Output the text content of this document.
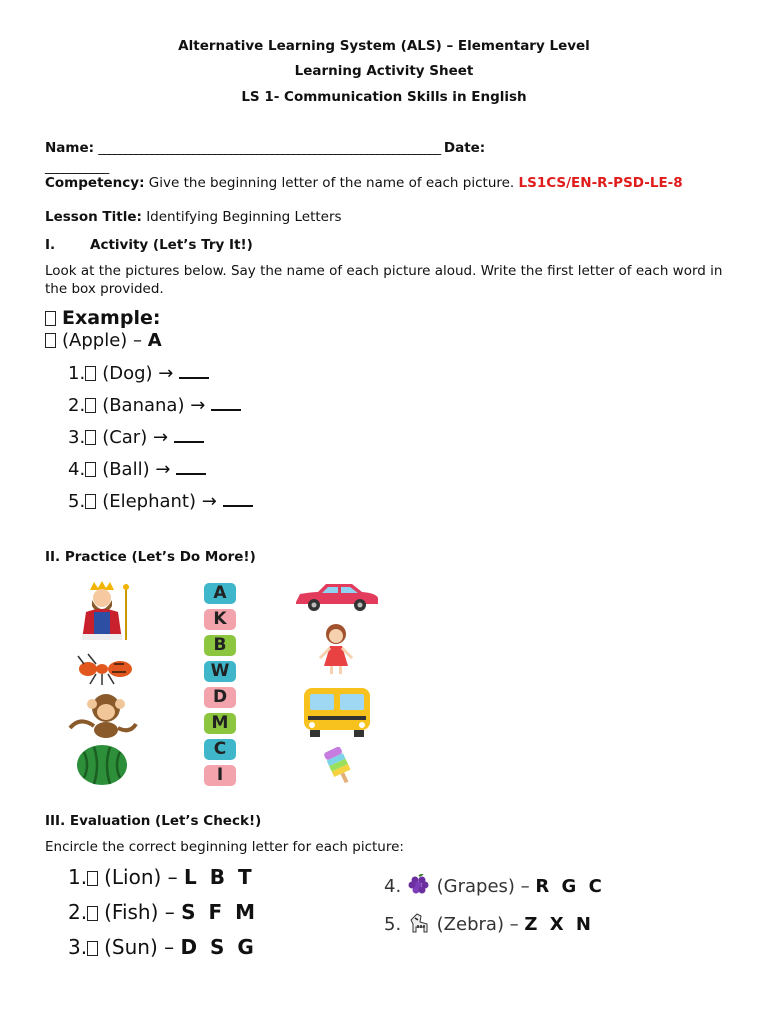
Alternative Learning System (ALS) – Elementary Level
Learning Activity Sheet
LS 1- Communication Skills in English
Name: _________________________________________________________________ Date:
___________
Competency: Give the beginning letter of the name of each picture. LS1CS/EN-R-PSD-LE-8
Lesson Title: Identifying Beginning Letters
I.	Activity (Let’s Try It!)
Look at the pictures below. Say the name of each picture aloud. Write the first letter of each word in the box provided.
Example:
(Apple) – A
1. (Dog) →
2. (Banana) →
3. (Car) →
4. (Ball) →
5. (Elephant) →
II. Practice (Let’s Do More!)
A
K
B
W
D
M
C
I
III. Evaluation (Let’s Check!)
Encircle the correct beginning letter for each picture:
1. (Lion) – L B T
2. (Fish) – S F M
3. (Sun) – D S G
4. (Grapes) – R G C
5. (Zebra) – Z X N
